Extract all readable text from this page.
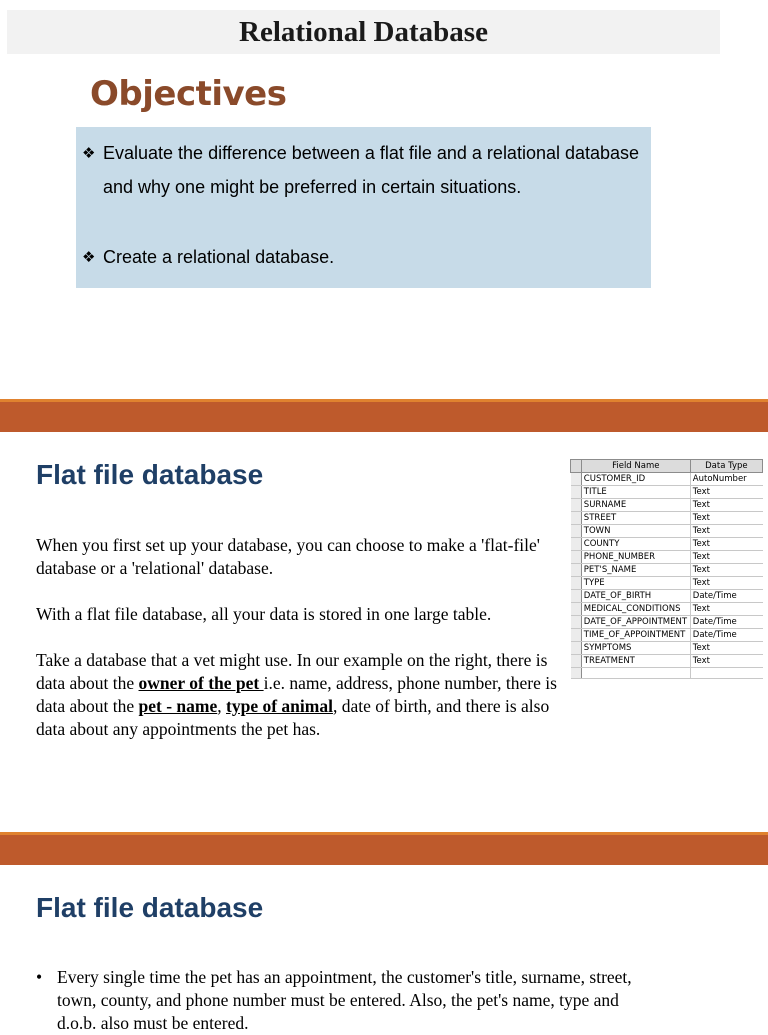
Relational Database
Objectives
❖ Evaluate the difference between a flat file and a relational database and why one might be preferred in certain situations.
❖ Create a relational database.
Flat file database

When you first set up your database, you can choose to make a 'flat-file' database or a 'relational' database.

With a flat file database, all your data is stored in one large table.

Take a database that a vet might use. In our example on the right, there is data about the owner of the pet i.e. name, address, phone number, there is data about the pet - name, type of animal, date of birth, and there is also data about any appointments the pet has.

	Field Name	Data Type
	CUSTOMER_ID	AutoNumber
	TITLE	Text
	SURNAME	Text
	STREET	Text
	TOWN	Text
	COUNTY	Text
	PHONE_NUMBER	Text
	PET'S_NAME	Text
	TYPE	Text
	DATE_OF_BIRTH	Date/Time
	MEDICAL_CONDITIONS	Text
	DATE_OF_APPOINTMENT	Date/Time
	TIME_OF_APPOINTMENT	Date/Time
	SYMPTOMS	Text
	TREATMENT	Text

Flat file database
• Every single time the pet has an appointment, the customer's title, surname, street, town, county, and phone number must be entered. Also, the pet's name, type and d.o.b. also must be entered.
